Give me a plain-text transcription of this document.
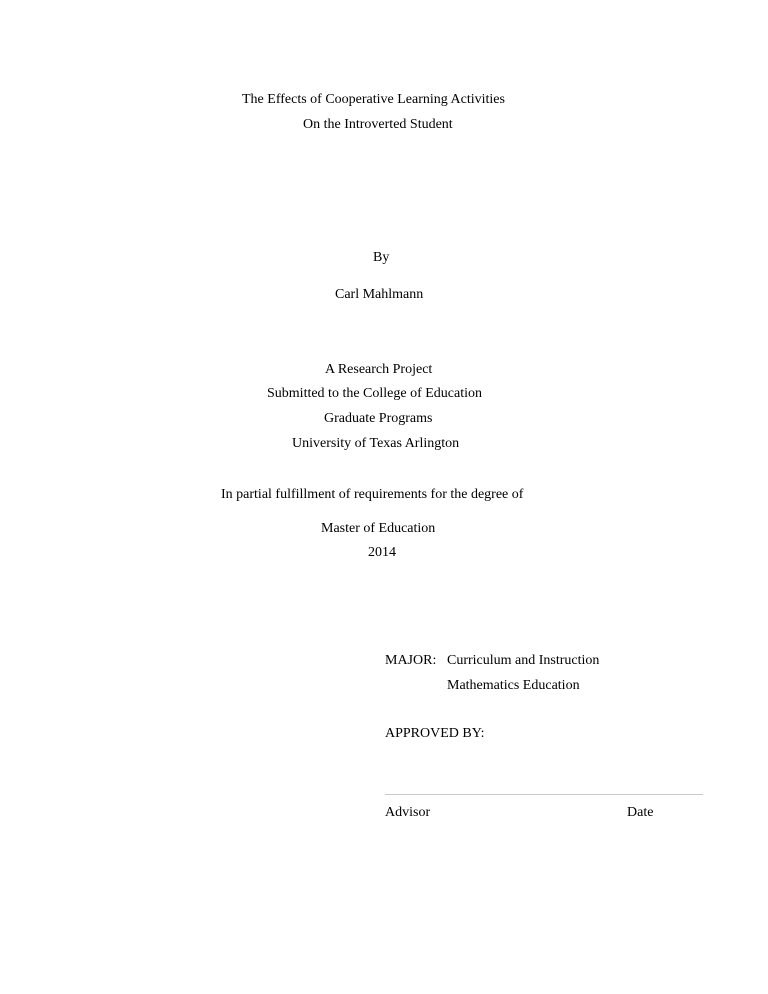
The Effects of Cooperative Learning Activities
On the Introverted Student
By
Carl Mahlmann
A Research Project
Submitted to the College of Education
Graduate Programs
University of Texas Arlington
In partial fulfillment of requirements for the degree of
Master of Education
2014
MAJOR: Curriculum and Instruction
Mathematics Education
APPROVED BY:
Advisor	Date
